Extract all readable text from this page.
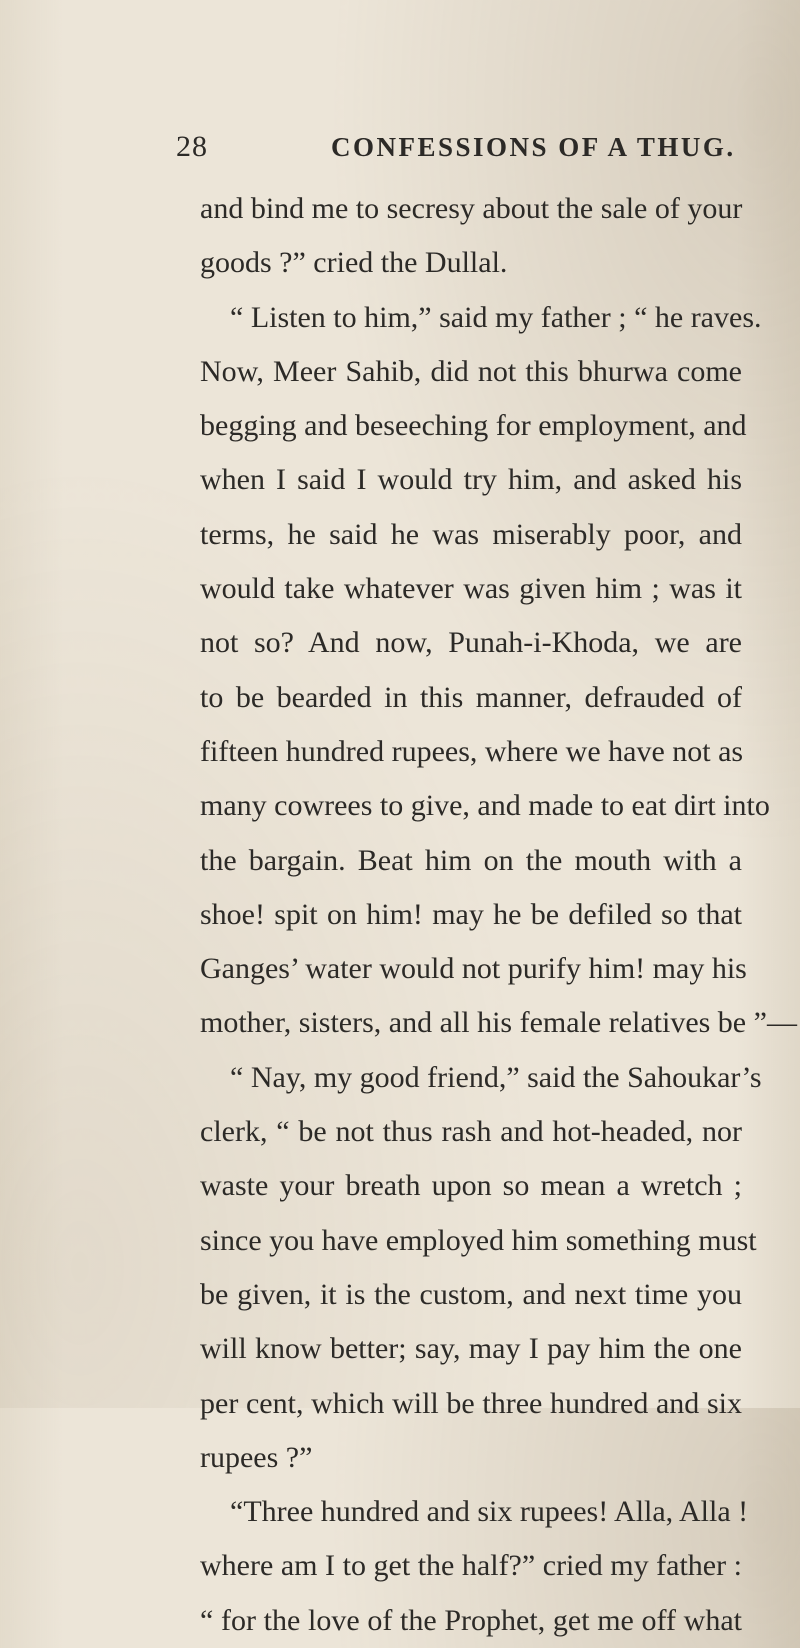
28	CONFESSIONS OF A THUG.
and bind me to secresy about the sale of your
goods ?” cried the Dullal.
“ Listen to him,” said my father ; “ he raves.
Now, Meer Sahib, did not this bhurwa come
begging and beseeching for employment, and
when I said I would try him, and asked his
terms, he said he was miserably poor, and
would take whatever was given him ; was it
not so? And now, Punah-i-Khoda, we are
to be bearded in this manner, defrauded of
fifteen hundred rupees, where we have not as
many cowrees to give, and made to eat dirt into
the bargain. Beat him on the mouth with a
shoe! spit on him! may he be defiled so that
Ganges’ water would not purify him! may his
mother, sisters, and all his female relatives be ”—
“ Nay, my good friend,” said the Sahoukar’s
clerk, “ be not thus rash and hot-headed, nor
waste your breath upon so mean a wretch ;
since you have employed him something must
be given, it is the custom, and next time you
will know better; say, may I pay him the one
per cent, which will be three hundred and six
rupees ?”
“Three hundred and six rupees! Alla, Alla !
where am I to get the half?” cried my father :
“ for the love of the Prophet, get me off what
